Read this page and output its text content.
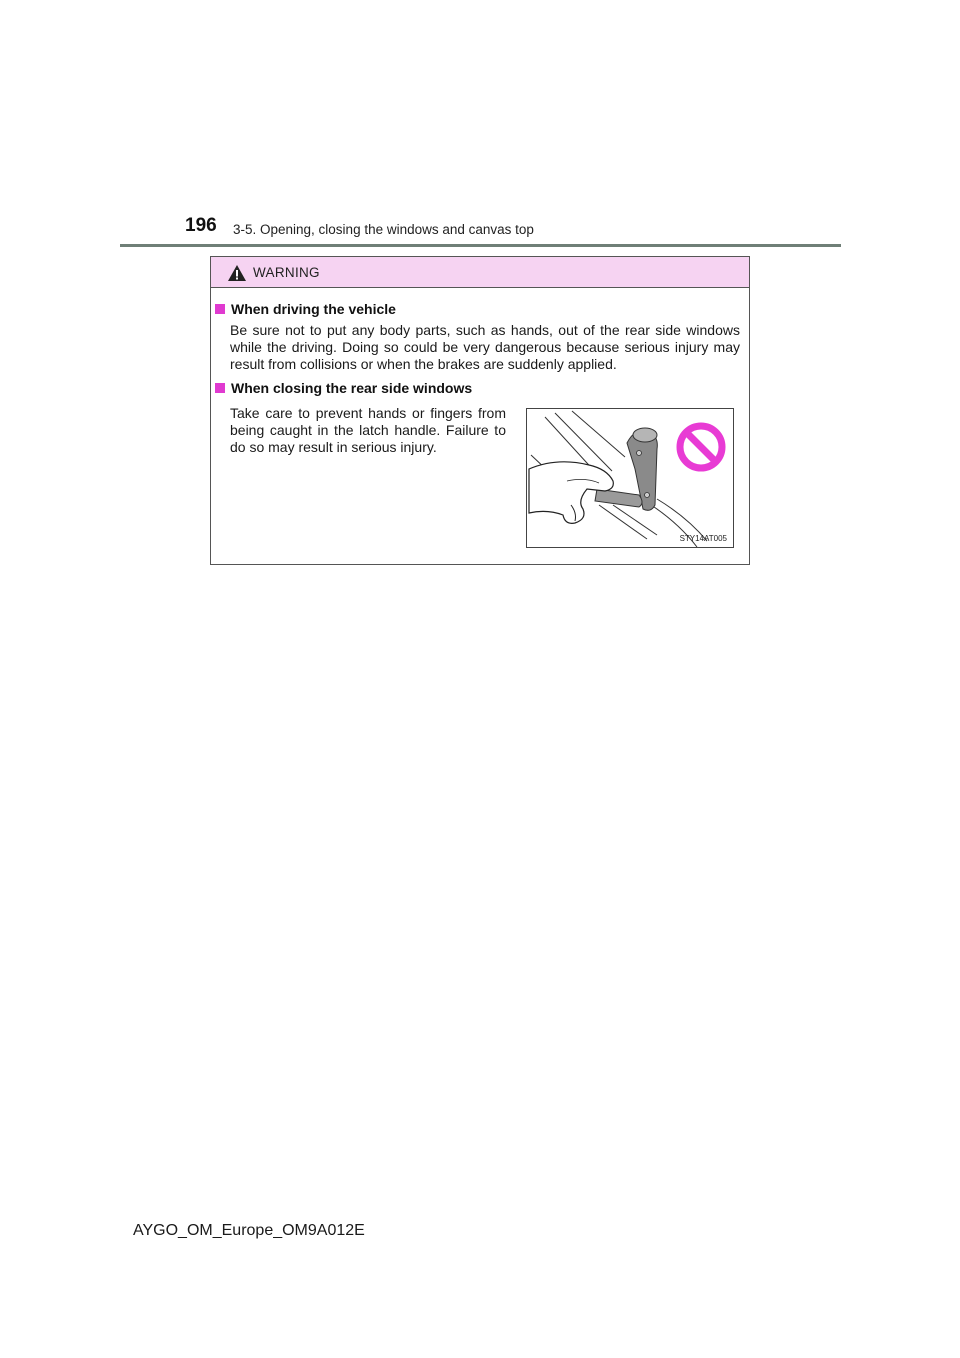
196 3-5. Opening, closing the windows and canvas top
WARNING
When driving the vehicle
Be sure not to put any body parts, such as hands, out of the rear side windows while the driving. Doing so could be very dangerous because serious injury may result from collisions or when the brakes are suddenly applied.
When closing the rear side windows
Take care to prevent hands or fingers from being caught in the latch handle. Failure to do so may result in serious injury.
STY14AT005
AYGO_OM_Europe_OM9A012E
